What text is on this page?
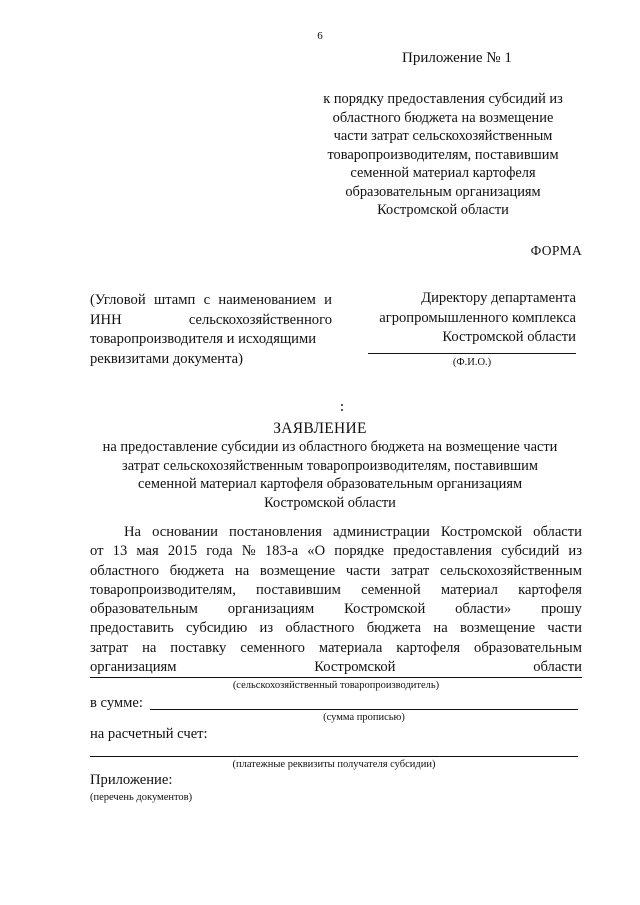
6
Приложение № 1
к порядку предоставления субсидий из
областного бюджета на возмещение
части затрат сельскохозяйственным
товаропроизводителям, поставившим
семенной материал картофеля
образовательным организациям
Костромской области
ФОРМА
(Угловой штамп с наименованием и
ИНН	сельскохозяйственного
товаропроизводителя и исходящими
реквизитами документа)
Директору департамента
агропромышленного комплекса
Костромской области
(Ф.И.О.)
ЗАЯВЛЕНИЕ
на предоставление субсидии из областного бюджета на возмещение части
затрат сельскохозяйственным товаропроизводителям, поставившим
семенной материал картофеля образовательным организациям
Костромской области
На основании постановления администрации Костромской области
от 13 мая 2015 года № 183-а «О порядке предоставления субсидий из
областного бюджета на возмещение части затрат сельскохозяйственным
товаропроизводителям, поставившим семенной материал картофеля
образовательным организациям Костромской области» прошу
предоставить субсидию из областного бюджета на возмещение части
затрат на поставку семенного материала картофеля образовательным
организациям	Костромской	области
(сельскохозяйственный товаропроизводитель)
в сумме:
(сумма прописью)
на расчетный счет:
(платежные реквизиты получателя субсидии)
Приложение:
(перечень документов)
